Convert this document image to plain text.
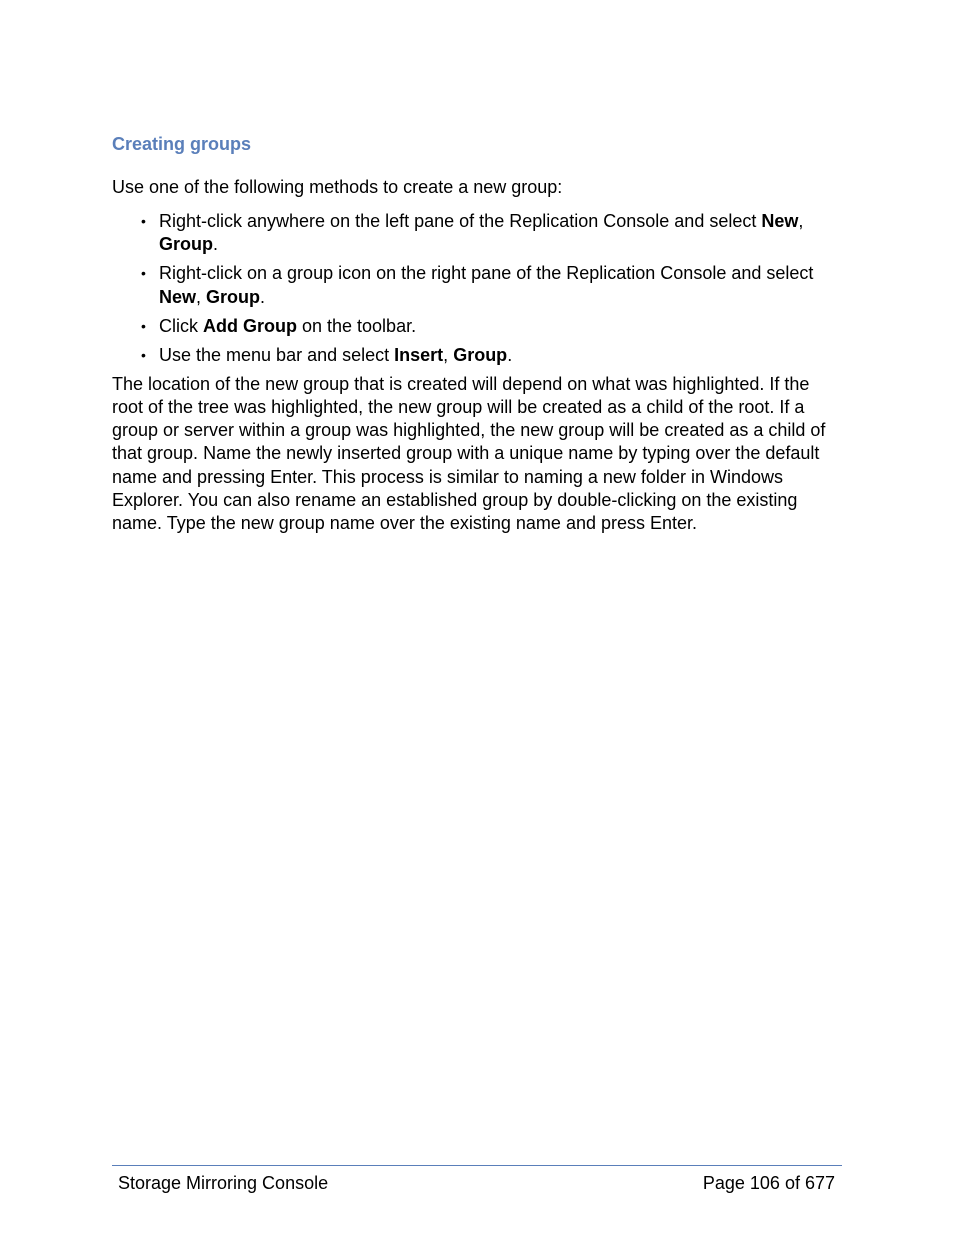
Creating groups

Use one of the following methods to create a new group:

• Right-click anywhere on the left pane of the Replication Console and select New, Group.
• Right-click on a group icon on the right pane of the Replication Console and select New, Group.
• Click Add Group on the toolbar.
• Use the menu bar and select Insert, Group.

The location of the new group that is created will depend on what was highlighted. If the root of the tree was highlighted, the new group will be created as a child of the root. If a group or server within a group was highlighted, the new group will be created as a child of that group. Name the newly inserted group with a unique name by typing over the default name and pressing Enter. This process is similar to naming a new folder in Windows Explorer. You can also rename an established group by double-clicking on the existing name. Type the new group name over the existing name and press Enter.

Storage Mirroring Console	Page 106 of 677
